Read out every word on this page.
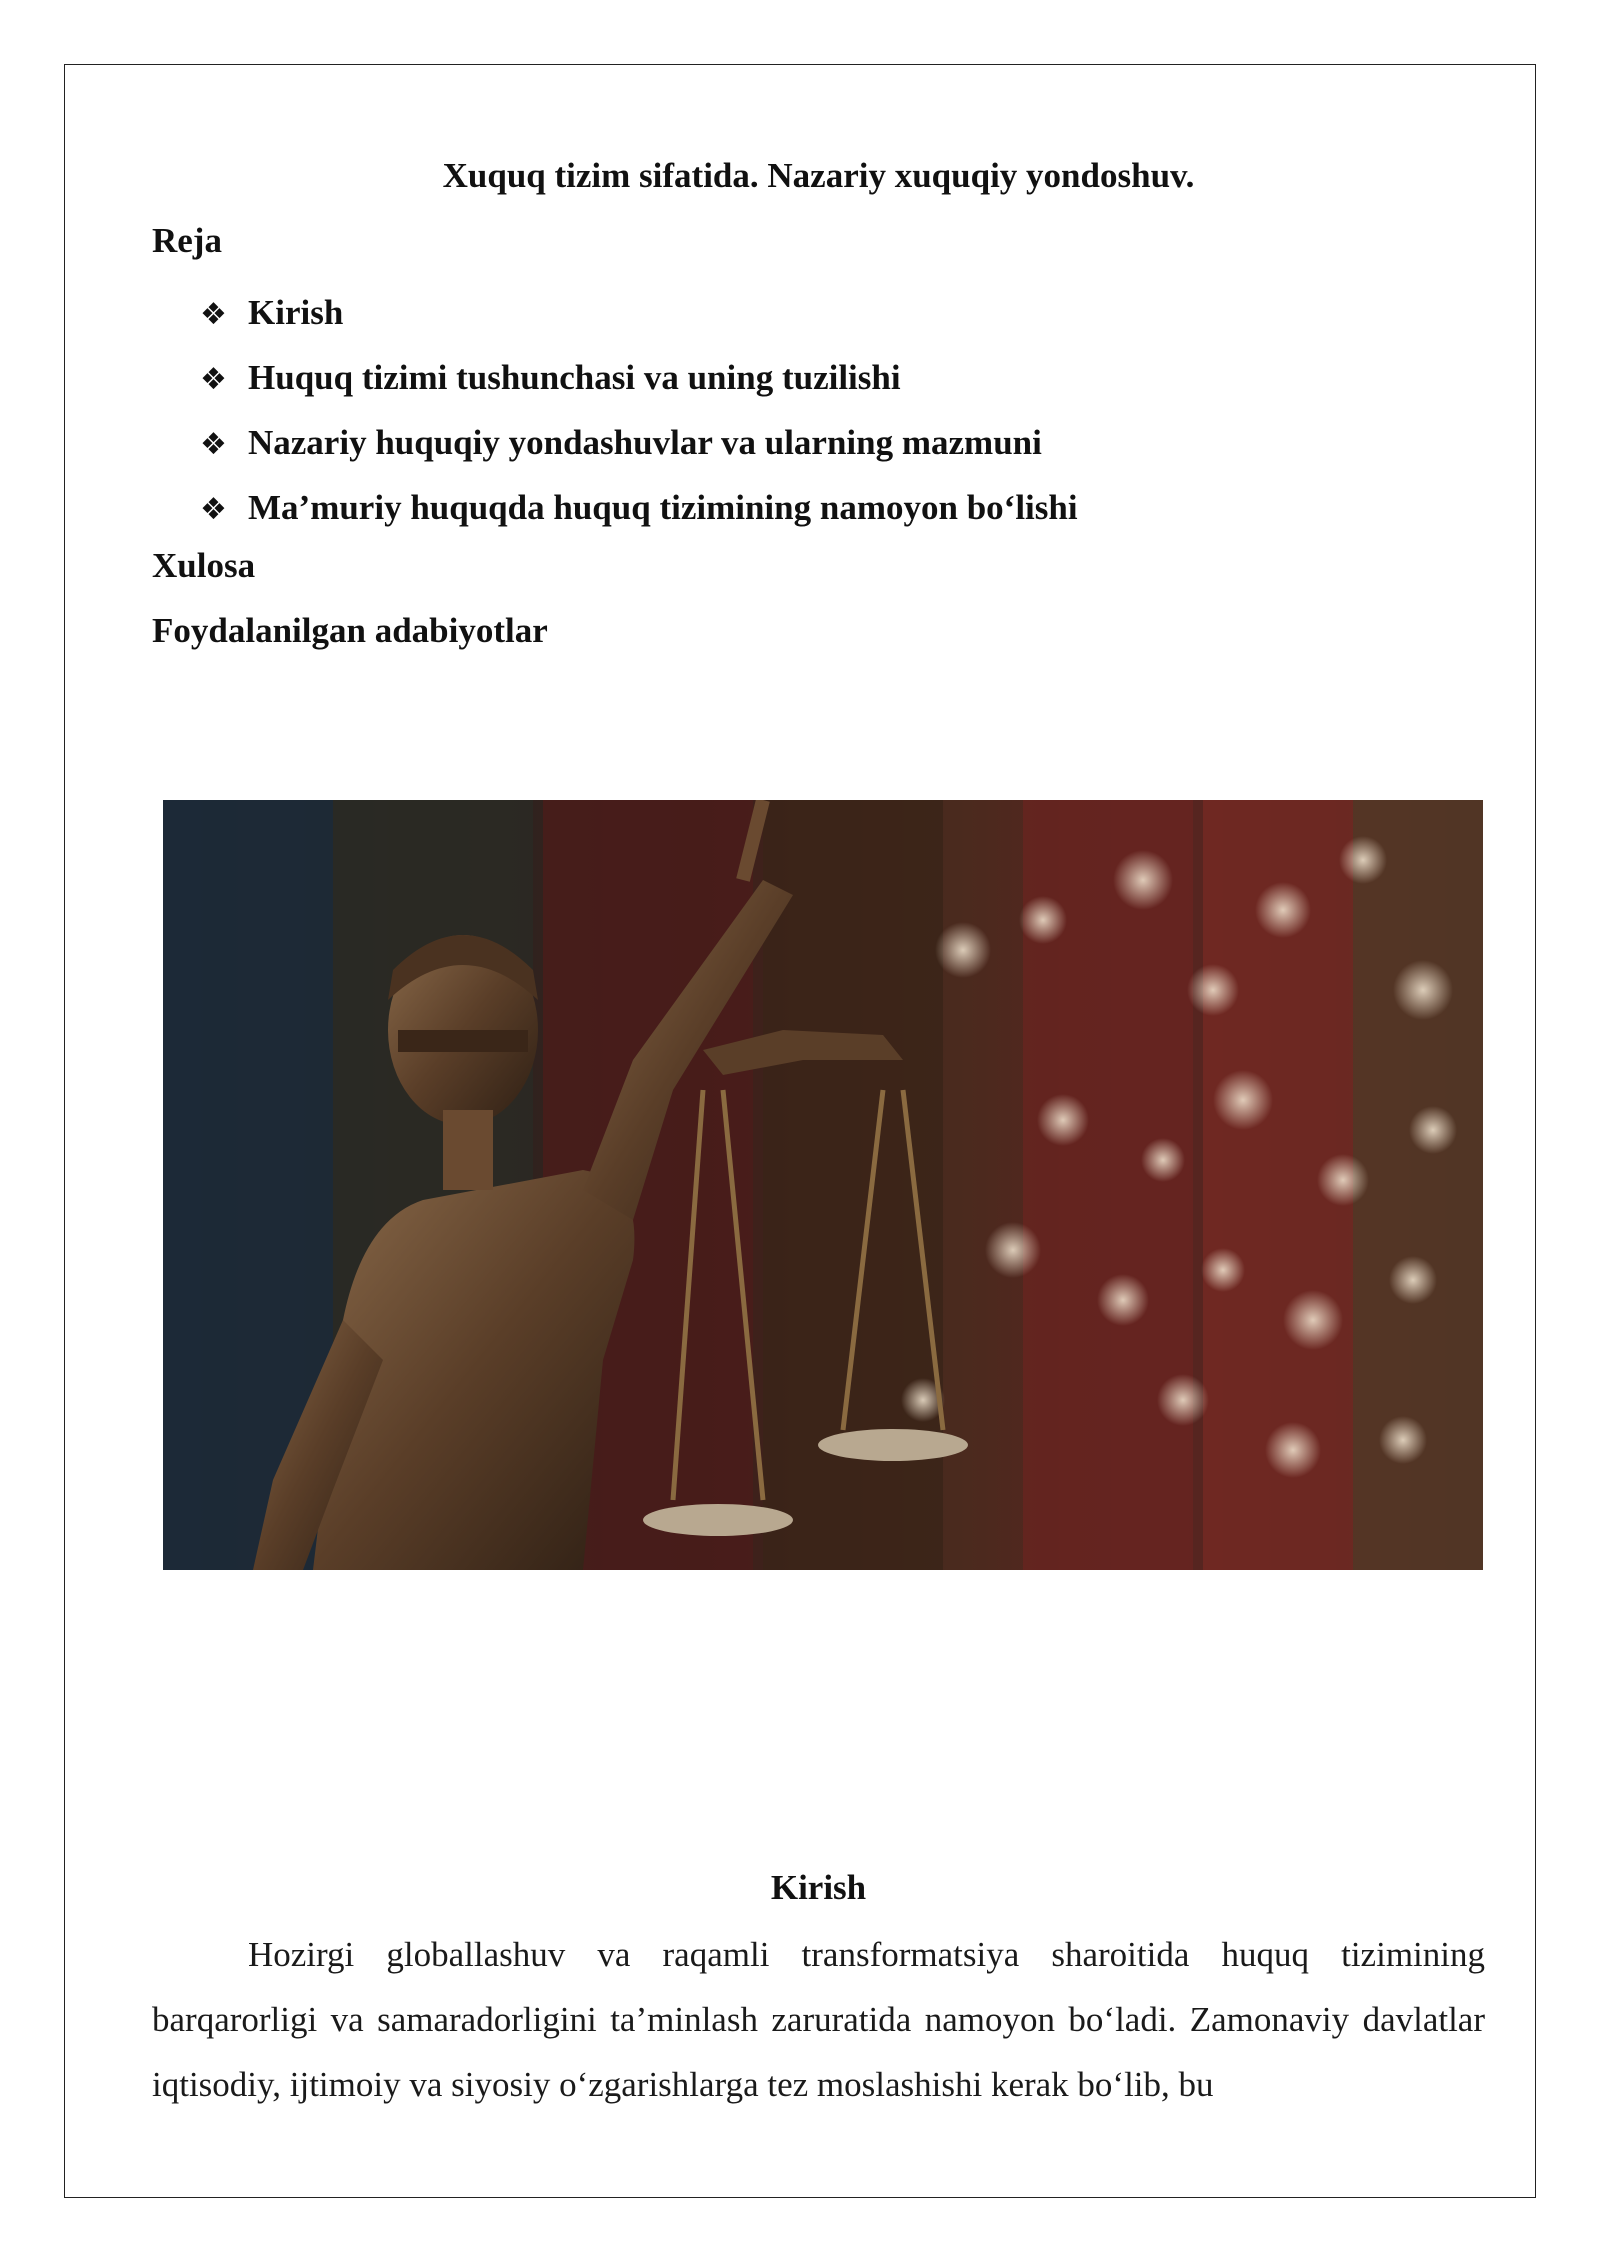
Xuquq tizim sifatida. Nazariy xuquqiy yondoshuv.

Reja

❖ Kirish
❖ Huquq tizimi tushunchasi va uning tuzilishi
❖ Nazariy huquqiy yondashuvlar va ularning mazmuni
❖ Ma’muriy huquqda huquq tizimining namoyon bo‘lishi

Xulosa

Foydalanilgan adabiyotlar

Kirish

Hozirgi globallashuv va raqamli transformatsiya sharoitida huquq tizimining barqarorligi va samaradorligini ta’minlash zaruratida namoyon bo‘ladi. Zamonaviy davlatlar iqtisodiy, ijtimoiy va siyosiy o‘zgarishlarga tez moslashishi kerak bo‘lib, bu
